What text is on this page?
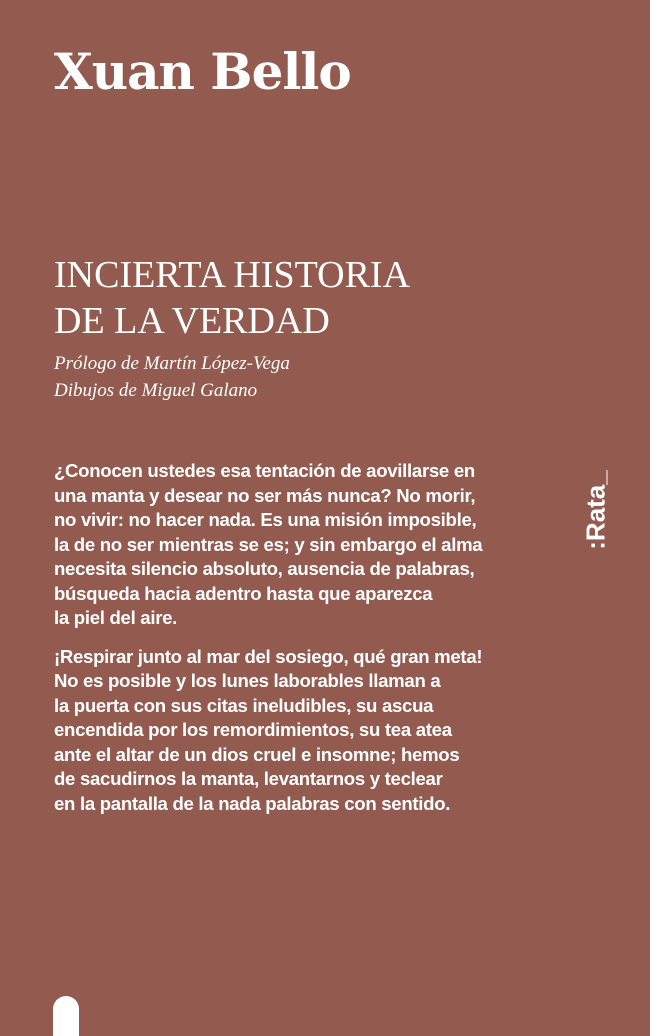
Xuan Bello
INCIERTA HISTORIA
DE LA VERDAD
Prólogo de Martín López-Vega
Dibujos de Miguel Galano

¿Conocen ustedes esa tentación de aovillarse en
una manta y desear no ser más nunca? No morir,
no vivir: no hacer nada. Es una misión imposible,
la de no ser mientras se es; y sin embargo el alma
necesita silencio absoluto, ausencia de palabras,
búsqueda hacia adentro hasta que aparezca
la piel del aire.

¡Respirar junto al mar del sosiego, qué gran meta!
No es posible y los lunes laborables llaman a
la puerta con sus citas ineludibles, su ascua
encendida por los remordimientos, su tea atea
ante el altar de un dios cruel e insomne; hemos
de sacudirnos la manta, levantarnos y teclear
en la pantalla de la nada palabras con sentido.

:Rata_
